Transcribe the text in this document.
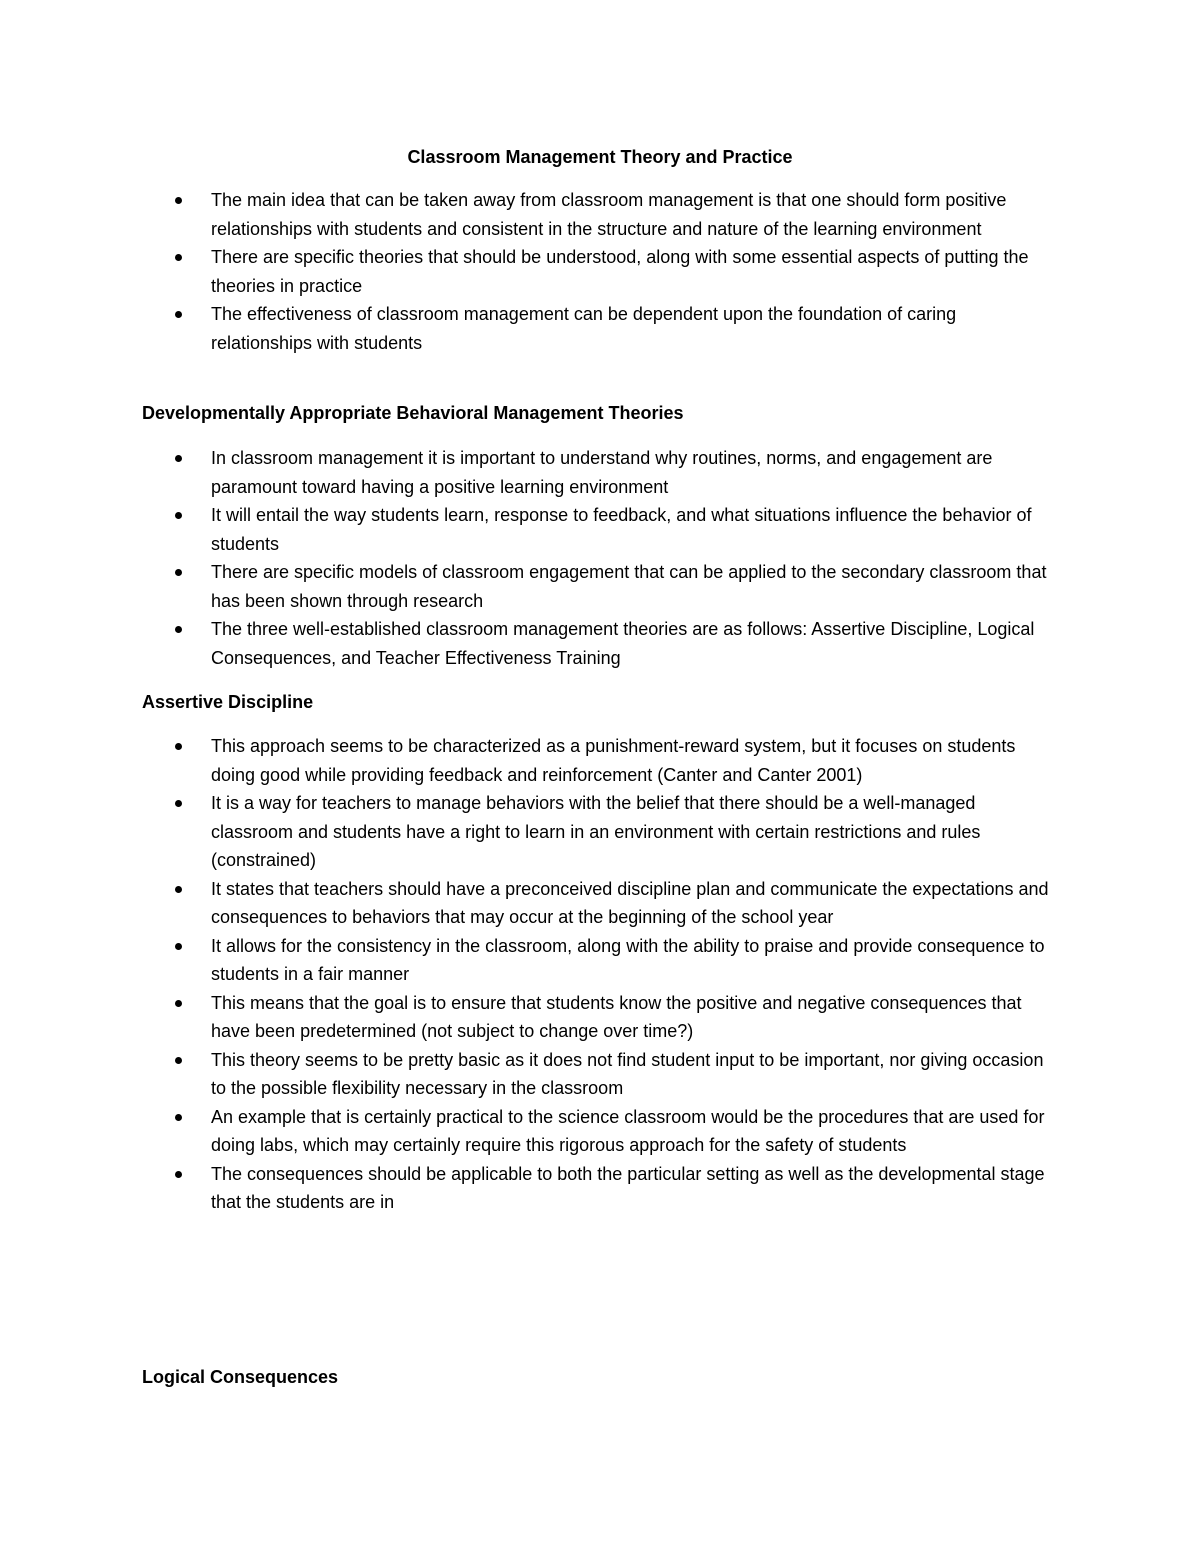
Classroom Management Theory and Practice
The main idea that can be taken away from classroom management is that one should form positive relationships with students and consistent in the structure and nature of the learning environment
There are specific theories that should be understood, along with some essential aspects of putting the theories in practice
The effectiveness of classroom management can be dependent upon the foundation of caring relationships with students
Developmentally Appropriate Behavioral Management Theories
In classroom management it is important to understand why routines, norms, and engagement are paramount toward having a positive learning environment
It will entail the way students learn, response to feedback, and what situations influence the behavior of students
There are specific models of classroom engagement that can be applied to the secondary classroom that has been shown through research
The three well-established classroom management theories are as follows: Assertive Discipline, Logical Consequences, and Teacher Effectiveness Training
Assertive Discipline
This approach seems to be characterized as a punishment-reward system, but it focuses on students doing good while providing feedback and reinforcement (Canter and Canter 2001)
It is a way for teachers to manage behaviors with the belief that there should be a well-managed classroom and students have a right to learn in an environment with certain restrictions and rules (constrained)
It states that teachers should have a preconceived discipline plan and communicate the expectations and consequences to behaviors that may occur at the beginning of the school year
It allows for the consistency in the classroom, along with the ability to praise and provide consequence to students in a fair manner
This means that the goal is to ensure that students know the positive and negative consequences that have been predetermined (not subject to change over time?)
This theory seems to be pretty basic as it does not find student input to be important, nor giving occasion to the possible flexibility necessary in the classroom
An example that is certainly practical to the science classroom would be the procedures that are used for doing labs, which may certainly require this rigorous approach for the safety of students
The consequences should be applicable to both the particular setting as well as the developmental stage that the students are in
Logical Consequences
